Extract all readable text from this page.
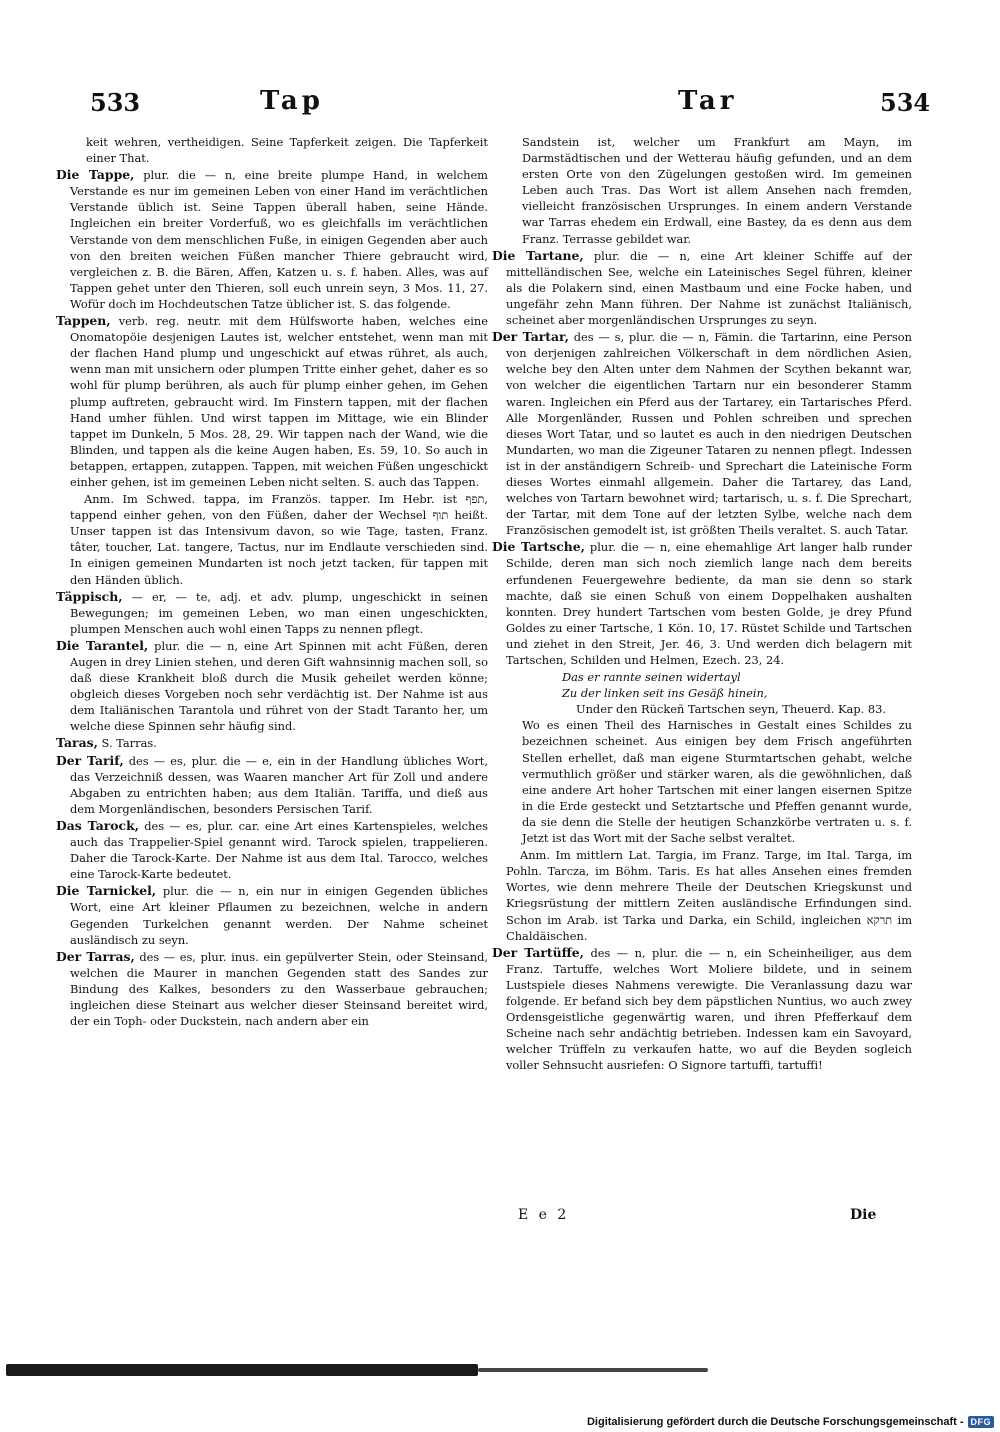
533	Tap	Tar	534

keit wehren, vertheidigen. Seine Tapferkeit zeigen. Die Tapferkeit einer That.

Die Tappe, plur. die — n, eine breite plumpe Hand, in welchem Verstande es nur im gemeinen Leben von einer Hand im verächtlichen Verstande üblich ist. Seine Tappen überall haben, seine Hände. Ingleichen ein breiter Vorderfuß, wo es gleichfalls im verächtlichen Verstande von dem menschlichen Fuße, in einigen Gegenden aber auch von den breiten weichen Füßen mancher Thiere gebraucht wird, vergleichen z. B. die Bären, Affen, Katzen u. s. f. haben. Alles, was auf Tappen gehet unter den Thieren, soll euch unrein seyn, 3 Mos. 11, 27. Wofür doch im Hochdeutschen Tatze üblicher ist. S. das folgende.

Tappen, verb. reg. neutr. mit dem Hülfsworte haben, welches eine Onomatopöie desjenigen Lautes ist, welcher entstehet, wenn man mit der flachen Hand plump und ungeschickt auf etwas rühret, als auch, wenn man mit unsichern oder plumpen Tritte einher gehet, daher es so wohl für plump berühren, als auch für plump einher gehen, im Gehen plump auftreten, gebraucht wird. Im Finstern tappen, mit der flachen Hand umher fühlen. Und wirst tappen im Mittage, wie ein Blinder tappet im Dunkeln, 5 Mos. 28, 29. Wir tappen nach der Wand, wie die Blinden, und tappen als die keine Augen haben, Es. 59, 10. So auch in betappen, ertappen, zutappen. Tappen, mit weichen Füßen ungeschickt einher gehen, ist im gemeinen Leben nicht selten. S. auch das Tappen.

Anm. Im Schwed. tappa, im Französ. tapper. Im Hebr. ist תפף, tappend einher gehen, von den Füßen, daher der Wechsel תוף heißt. Unser tappen ist das Intensivum davon, so wie Tage, tasten, Franz. tâter, toucher, Lat. tangere, Tactus, nur im Endlaute verschieden sind. In einigen gemeinen Mundarten ist noch jetzt tacken, für tappen mit den Händen üblich.

Täppisch, — er, — te, adj. et adv. plump, ungeschickt in seinen Bewegungen; im gemeinen Leben, wo man einen ungeschickten, plumpen Menschen auch wohl einen Tapps zu nennen pflegt.

Die Tarantel, plur. die — n, eine Art Spinnen mit acht Füßen, deren Augen in drey Linien stehen, und deren Gift wahnsinnig machen soll, so daß diese Krankheit bloß durch die Musik geheilet werden könne; obgleich dieses Vorgeben noch sehr verdächtig ist. Der Nahme ist aus dem Italiänischen Tarantola und rühret von der Stadt Taranto her, um welche diese Spinnen sehr häufig sind.

Taras, S. Tarras.

Der Tarif, des — es, plur. die — e, ein in der Handlung übliches Wort, das Verzeichniß dessen, was Waaren mancher Art für Zoll und andere Abgaben zu entrichten haben; aus dem Italiän. Tariffa, und dieß aus dem Morgenländischen, besonders Persischen Tarif.

Das Tarock, des — es, plur. car. eine Art eines Kartenspieles, welches auch das Trappelier-Spiel genannt wird. Tarock spielen, trappelieren. Daher die Tarock-Karte. Der Nahme ist aus dem Ital. Tarocco, welches eine Tarock-Karte bedeutet.

Die Tarnickel, plur. die — n, ein nur in einigen Gegenden übliches Wort, eine Art kleiner Pflaumen zu bezeichnen, welche in andern Gegenden Turkelchen genannt werden. Der Nahme scheinet ausländisch zu seyn.

Der Tarras, des — es, plur. inus. ein gepülverter Stein, oder Steinsand, welchen die Maurer in manchen Gegenden statt des Sandes zur Bindung des Kalkes, besonders zu den Wasserbaue gebrauchen; ingleichen diese Steinart aus welcher dieser Steinsand bereitet wird, der ein Toph- oder Duckstein, nach andern aber ein

Sandstein ist, welcher um Frankfurt am Mayn, im Darmstädtischen und der Wetterau häufig gefunden, und an dem ersten Orte von den Zügelungen gestoßen wird. Im gemeinen Leben auch Tras. Das Wort ist allem Ansehen nach fremden, vielleicht französischen Ursprunges. In einem andern Verstande war Tarras ehedem ein Erdwall, eine Bastey, da es denn aus dem Franz. Terrasse gebildet war.

Die Tartane, plur. die — n, eine Art kleiner Schiffe auf der mittelländischen See, welche ein Lateinisches Segel führen, kleiner als die Polakern sind, einen Mastbaum und eine Focke haben, und ungefähr zehn Mann führen. Der Nahme ist zunächst Italiänisch, scheinet aber morgenländischen Ursprunges zu seyn.

Der Tartar, des — s, plur. die — n, Fämin. die Tartarinn, eine Person von derjenigen zahlreichen Völkerschaft in dem nördlichen Asien, welche bey den Alten unter dem Nahmen der Scythen bekannt war, von welcher die eigentlichen Tartarn nur ein besonderer Stamm waren. Ingleichen ein Pferd aus der Tartarey, ein Tartarisches Pferd. Alle Morgenländer, Russen und Pohlen schreiben und sprechen dieses Wort Tatar, und so lautet es auch in den niedrigen Deutschen Mundarten, wo man die Zigeuner Tataren zu nennen pflegt. Indessen ist in der anständigern Schreib- und Sprechart die Lateinische Form dieses Wortes einmahl allgemein. Daher die Tartarey, das Land, welches von Tartarn bewohnet wird; tartarisch, u. s. f. Die Sprechart, der Tartar, mit dem Tone auf der letzten Sylbe, welche nach dem Französischen gemodelt ist, ist größten Theils veraltet. S. auch Tatar.

Die Tartsche, plur. die — n, eine ehemahlige Art langer halb runder Schilde, deren man sich noch ziemlich lange nach dem bereits erfundenen Feuergewehre bediente, da man sie denn so stark machte, daß sie einen Schuß von einem Doppelhaken aushalten konnten. Drey hundert Tartschen vom besten Golde, je drey Pfund Goldes zu einer Tartsche, 1 Kön. 10, 17. Rüstet Schilde und Tartschen und ziehet in den Streit, Jer. 46, 3. Und werden dich belagern mit Tartschen, Schilden und Helmen, Ezech. 23, 24.

Das er rannte seinen widertayl

Zu der linken seit ins Gesäß hinein,

Under den Rückeñ Tartschen seyn, Theuerd. Kap. 83.

Wo es einen Theil des Harnisches in Gestalt eines Schildes zu bezeichnen scheinet. Aus einigen bey dem Frisch angeführten Stellen erhellet, daß man eigene Sturmtartschen gehabt, welche vermuthlich größer und stärker waren, als die gewöhnlichen, daß eine andere Art hoher Tartschen mit einer langen eisernen Spitze in die Erde gesteckt und Setztartsche und Pfeffen genannt wurde, da sie denn die Stelle der heutigen Schanzkörbe vertraten u. s. f. Jetzt ist das Wort mit der Sache selbst veraltet.

Anm. Im mittlern Lat. Targia, im Franz. Targe, im Ital. Targa, im Pohln. Tarcza, im Böhm. Taris. Es hat alles Ansehen eines fremden Wortes, wie denn mehrere Theile der Deutschen Kriegskunst und Kriegsrüstung der mittlern Zeiten ausländische Erfindungen sind. Schon im Arab. ist Tarka und Darka, ein Schild, ingleichen תרקא im Chaldäischen.

Der Tartüffe, des — n, plur. die — n, ein Scheinheiliger, aus dem Franz. Tartuffe, welches Wort Moliere bildete, und in seinem Lustspiele dieses Nahmens verewigte. Die Veranlassung dazu war folgende. Er befand sich bey dem päpstlichen Nuntius, wo auch zwey Ordensgeistliche gegenwärtig waren, und ihren Pfefferkauf dem Scheine nach sehr andächtig betrieben. Indessen kam ein Savoyard, welcher Trüffeln zu verkaufen hatte, wo auf die Beyden sogleich voller Sehnsucht ausriefen: O Signore tartuffi, tartuffi!

E e 2	Die
Digitalisierung gefördert durch die Deutsche Forschungsgemeinschaft - DFG
